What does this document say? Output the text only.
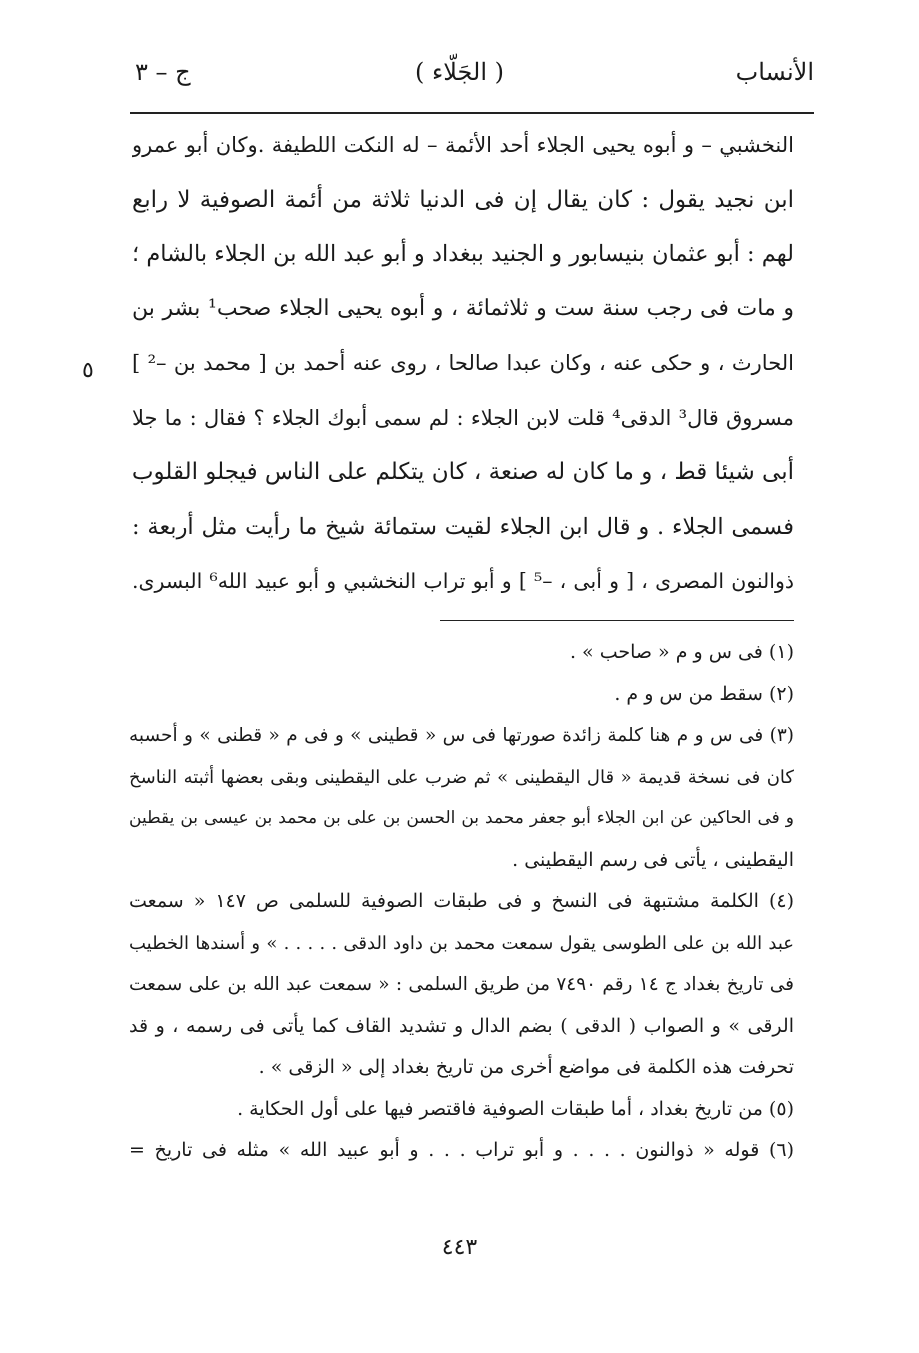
الأنساب
( الجَلّاء )
ج – ٣
النخشبي – و أبوه يحيى الجلاء أحد الأئمة – له النكت اللطيفة .وكان أبو عمرو
ابن نجيد يقول : كان يقال إن فى الدنيا ثلاثة من أئمة الصوفية لا رابع
لهم : أبو عثمان بنيسابور و الجنيد ببغداد و أبو عبد الله بن الجلاء بالشام ؛
و مات فى رجب سنة ست و ثلاثمائة ، و أبوه يحيى الجلاء صحب¹ بشر بن
الحارث ، و حكى عنه ، وكان عبدا صالحا ، روى عنه أحمد بن [ محمد بن –² ]
مسروق قال³ الدقى⁴ قلت لابن الجلاء : لم سمى أبوك الجلاء ؟ فقال : ما جلا
أبى شيئا قط ، و ما كان له صنعة ، كان يتكلم على الناس فيجلو القلوب
فسمى الجلاء . و قال ابن الجلاء لقيت ستمائة شيخ ما رأيت مثل أربعة :
ذوالنون المصرى ، [ و أبى ، –⁵ ] و أبو تراب النخشبي و أبو عبيد الله⁶ البسرى.
٥
(١) فى س و م « صاحب » .
(٢) سقط من س و م .
(٣) فى س و م هنا كلمة زائدة صورتها فى س « قطينى » و فى م « قطنى » و أحسبه
كان فى نسخة قديمة « قال اليقطينى » ثم ضرب على اليقطينى وبقى بعضها أثبته الناسخ
و فى الحاكين عن ابن الجلاء أبو جعفر محمد بن الحسن بن على بن محمد بن عيسى بن يقطين
اليقطينى ، يأتى فى رسم اليقطينى .
(٤) الكلمة مشتبهة فى النسخ و فى طبقات الصوفية للسلمى ص ١٤٧ « سمعت
عبد الله بن على الطوسى يقول سمعت محمد بن داود الدقى . . . . . » و أسندها الخطيب
فى تاريخ بغداد ج ١٤ رقم ٧٤٩٠ من طريق السلمى : « سمعت عبد الله بن على سمعت
الرقى » و الصواب ( الدقى ) بضم الدال و تشديد القاف كما يأتى فى رسمه ، و قد
تحرفت هذه الكلمة فى مواضع أخرى من تاريخ بغداد إلى « الزقى » .
(٥) من تاريخ بغداد ، أما طبقات الصوفية فاقتصر فيها على أول الحكاية .
(٦) قوله « ذوالنون . . . . و أبو تراب . . . و أبو عبيد الله » مثله فى تاريخ =
٤٤٣
